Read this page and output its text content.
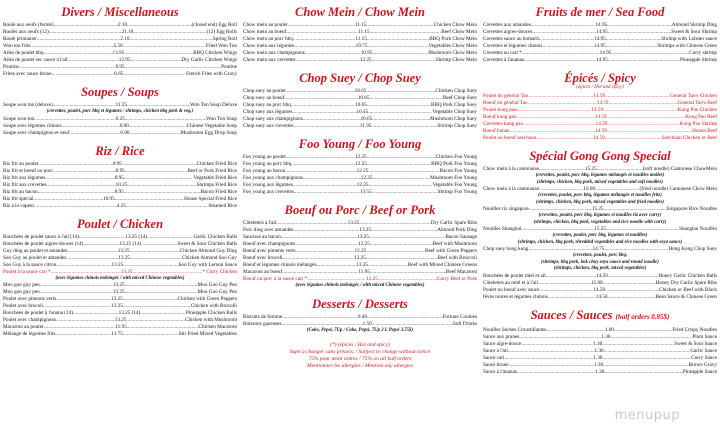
Divers / Miscellaneous
Roulé aux oeufs (fermé) .....	2.10 .....	(closed end) Egg Roll
Roulés aux oeufs (12) .....	21.10 .....	(12) Egg Rolls
Roulé printanier .....	2.10 .....	Spring Roll
Won ton frits .....	5.50 .....	Fried Won Ton
Ailes de poulet bbq .....	13.95 .....	BBQ Chicken Wings
Ailes de poulet sec sauce à l'ail .....	13.95 .....	Dry Garlic Chicken Wings
Poutine .....	8.95 .....	Poutine
Frites avec sauce brune .....	6.65 .....	French Fries with Gravy
Soupes / Soups
Soupe won ton (deluxe) .....	11.25 .....	Won Ton Soup Deluxe
(crevettes, poulet, porc bbq et légumes / shrimps, chicken bbq pork & veg.)
Soupe won ton .....	6.25 .....	Won Ton Soup
Soupe avec légumes chinois .....	6.00 .....	Chinese Vegetable Soup
Soupe avec champignon et oeuf .....	6.00 .....	Mushroom Egg Drop Soup
Riz / Rice
Riz frit au poulet .....	8.95 .....	Chicken Fried Rice
Riz frit et boeuf ou porc .....	8.95 .....	Beef or Pork Fried Rice
Riz frit aux légumes .....	8.95 .....	Vegetable Fried Rice
Riz frit aux crevettes .....	10.25 .....	Shrimps Fried Rice
Riz frit au bacon .....	8.95 .....	Bacon Fried Rice
Riz frit spécial .....	10.95 .....	House Special Fried Rice
Riz à la vapeur .....	4.25 .....	Steamed Rice
Poulet / Chicken
Bouchées de poulet sauce à l'ail (14) .....	13.25 (14) .....	Garlic Chicken Balls
Bouchées de poulet aigres-douces (14) .....	13.25 (14) .....	Sweet & Sour Chicken Balls
Guy ding au poulet et amandes .....	13.25 .....	Chicken Almond Guy Ding
Soo Guy au poulet et amandes .....	13.25 .....	Chicken Almond Soo Guy
Soo Guy à la sauce citron .....	13.25 .....	Soo Guy with Lemon Sauce
Poulet à la sauce cari * .....	13.25 .....	* Curry Chicken
(avec légumes chinois mélangés / with mixed Chinese vegetables)
Moo goo guy pen .....	13.25 .....	Moo Goo Guy Pen
Moo goo guy pen .....	13.25 .....	Moo Goo Guy Pen
Poulet avec piments verts .....	13.25 .....	Chicken with Green Peppers
Poulet avec brocoli .....	13.25 .....	Chicken with Brocolli
Bouchées de poulet à l'anana (14) .....	13.25 (14) .....	Pineapple Chicken Balls
Poulet avec champignons .....	13.25 .....	Chicken with Mushroom
Macaroni au poulet .....	11.95 .....	Chicken Macaroni
Mélange de légumes frits .....	11.75 .....	Stir Fried Mixed Vegetables
Chow Mein / Chow Mein
Chow mein au poulet .....	11.15 .....	Chicken Chow Mein
Chow mein au boeuf .....	11.15 .....	Beef Chow Mein
Chow mein au porc bbq .....	11.15 .....	BBQ Pork Chow Mein
Chow mein aux légumes .....	10.75 .....	Vegetables Chow Mein
Chow mein aux champignons .....	10.95 .....	Mushroom Chow Mein
Chow mein aux crevettes .....	12.25 .....	Shrimp Chow Mein
Chop Suey / Chop Suey
Chop suey au poulet .....	10.65 .....	Chicken Chop Suey
Chop suey au boeuf .....	10.65 .....	Beef Chop Suey
Chop suey au porc bbq .....	10.65 .....	BBQ Pork Chop Suey
Chop suey aux légumes .....	10.45 .....	Vegetable Chop Suey
Chop suey aux champignons .....	10.65 .....	Mushroom Chop Suey
Chop suey aux crevettes .....	11.95 .....	Shrimp Chop Suey
Foo Young / Foo Young
Foo young au poulet .....	12.25 .....	Chicken Foo Young
Foo young au porc bbq .....	12.25 .....	BBQ Pork Foo Young
Foo young au bacon .....	12.25 .....	Bacon Foo Young
Foo young aux champignons .....	12.25 .....	Mushroom Foo Young
Foo young aux légumes .....	12.25 .....	Vegetable Foo Young
Foo young aux crevettes .....	13.55 .....	Shrimp Foo Young
Boeuf ou Porc / Beef or Pork
Côtelettes à l'ail .....	13.25 .....	Dry Garlic Spare Ribs
Porc ding avec amandes .....	13.25 .....	Almond Pork Ding
Saucisse au bacon .....	13.25 .....	Bacon Sausage
Boeuf avec champignons .....	13.25 .....	Beef with Mushroom
Boeuf avec piments verts .....	13.25 .....	Beef with Green Peppers
Boeuf avec brocoli .....	13.25 .....	Beef with Broccoli
Boeuf et légumes chinois mélangés .....	13.25 .....	Beef with Mixed Chinese Greens
Macaroni au boeuf .....	11.95 .....	Beef Macaroni
Boeuf ou porc à la sauce cari * .....	12.25 .....	Curry Beef or Pork
(avec légumes chinois mélangés / with mixed Chinese vegetables)
Desserts / Desserts
Biscuits de fortune .....	0.40 .....	Fortune Cookies
Boissons gazeuses .....	1.50 .....	Soft Drinks
(Coke, Pepsi, 7Up / Coke, Pepsi, 7Up 2 L Pepsi 3.75$)
(*) (épicés / Hot and spicy)
Sujet à changer sans préavis. / Subject to change without notice
75% pour demi ordres / 75% on all half orders
Mentionner les allergies / Mention any allergies
Fruits de mer / Sea Food
Crevettes aux amandes .....	14.95 .....	Almond Shrimp Ding
Crevettes aigres-douces .....	14.95 .....	Sweet & Sour Shrimp
Crevettes sauce au homard .....	14.95 .....	Shrimp with Lobster sauce
Crevettes et légumes chinois .....	14.95 .....	Shrimps with Chinese Green
Crevettes au cari * .....	14.95 .....	Curry shrimp
Crevettes à l'ananas .....	14.95 .....	Pineapple Shrimp
Épicés / Spicy
(épicés / Hot and spicy)
Poulet du général Tao .....	14.59 .....	General Tao's Chicken
Boeuf du général Tao .....	14.59 .....	General Tao's Beef
Poulet kung pao .....	14.59 .....	Kung Pao Chicken
Boeuf kung pao .....	14.59 .....	Kung Pao Beef
Crevettes kung pao .....	14.59 .....	Kung Pao Shrimp
Boeuf hunan .....	14.59 .....	Hunan Beef
Poulet ou boeuf szechuan .....	14.59 .....	Szechuan Chicken or Beef
Spécial Gong Gong Special
Chow mein à la cantonaise .....	15.25 .....	(soft noodle) Cantonese ChowMein
(crevettes, poulet, porc bbq, légumes mélangés et nouilles molles)
(shrimps, chicken, bbq pork, mixed vegetables and soft noodles)
Chow mein à la cantonaise .....	16.00 .....	(fried noodle) Cantonese Chow Mein
(crevettes, poulet, porc bbq, légumes mélangés et nouilles frits)
(shrimps, chicken, bbq pork, mixed vegetables and fried noodles)
Nouilles riz singapore .....	15.25 .....	Singapore Rice Noodles
(crevettes, poulet, porc bbq, légumes et nouilles riz avec curry)
(shrimps, chicken, bbq pork, vegetables and rice noodle with curry)
Nouilles Shanghai .....	15.25 .....	Shanghai Noodles
(crevettes, poulet, porc bbq, légumes et nouilles)
(shrimps, chicken, bbq pork, shredded vegetables and rice noodles with soya sauce)
Chop suey hong kong .....	14.75 .....	Hong Kong Chop Suey
(crevettes, poulet, porc bbq,
(shrimps, bbq pork, bok choy soya sauce and round noodle)
(shrimps, chicken, bbq pork, mixed vegetables)
Bouchées de poulet miel et ail .....	14.50 .....	Honey Garlic Chicken Balls
Côtelettes au miel et à l'ail .....	15.00 .....	Honey Dry Garlic Spare Ribs
Poulet ou boeuf avec sauce .....	14.50 .....	Chicken or Beef with Black
fèves noires et légumes chinois .....	14.50 .....	Bean Sauce & Chinese Green
Sauces / Sauces (half orders 0.85$)
Nouilles Seches Croustillantes .....	1.00 .....	Fried Crispy Noodles
Sauce aux prunes .....	1.30 .....	Plum Sauce
Sauce aigre-douce .....	1.30 .....	Sweet & Sour Sauce
Sauce à l'ail .....	1.30 .....	Garlic Sauce
Sauce cari .....	1.30 .....	Curry Sauce
Sauce brune .....	1.30 .....	Brown Gravy
Sauce à l'ananas .....	1.30 .....	Pineapple Sauce
menupup
